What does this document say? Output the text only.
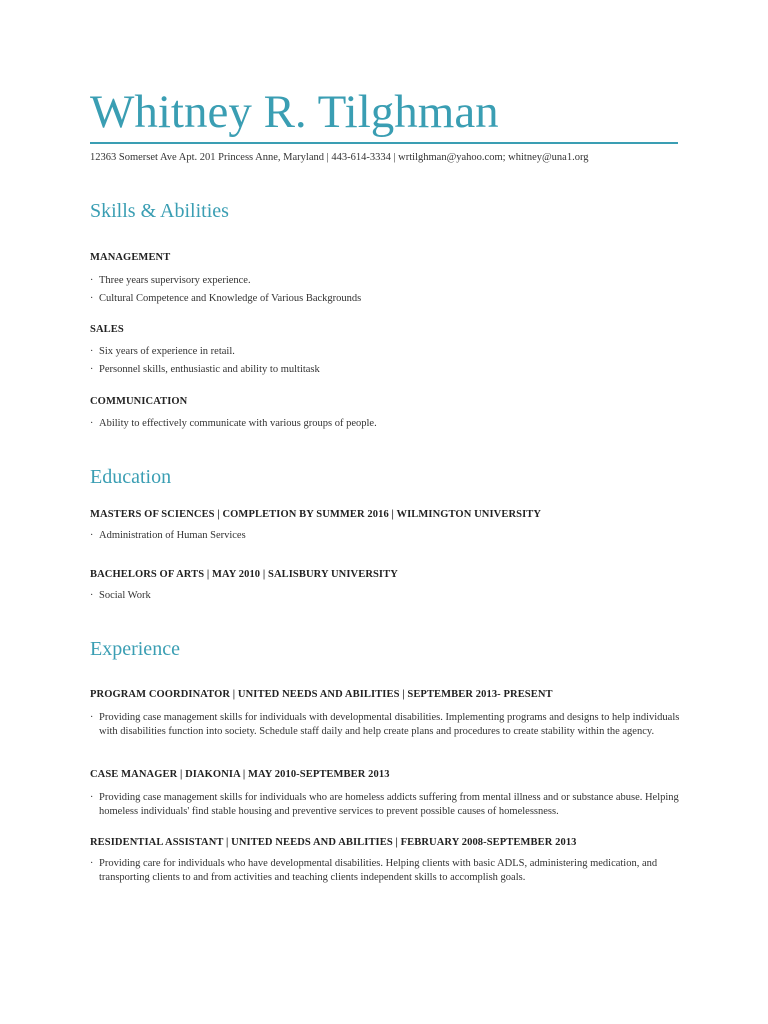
Whitney R. Tilghman
12363 Somerset Ave Apt. 201 Princess Anne, Maryland | 443-614-3334 | wrtilghman@yahoo.com; whitney@una1.org
Skills & Abilities
MANAGEMENT
· Three years supervisory experience.
· Cultural Competence and Knowledge of Various Backgrounds
SALES
· Six years of experience in retail.
· Personnel skills, enthusiastic and ability to multitask
COMMUNICATION
· Ability to effectively communicate with various groups of people.
Education
MASTERS OF SCIENCES | COMPLETION BY SUMMER 2016 | WILMINGTON UNIVERSITY
· Administration of Human Services
BACHELORS OF ARTS | MAY 2010 | SALISBURY UNIVERSITY
· Social Work
Experience
PROGRAM COORDINATOR | UNITED NEEDS AND ABILITIES | SEPTEMBER 2013- PRESENT
· Providing case management skills for individuals with developmental disabilities. Implementing programs and designs to help individuals with disabilities function into society. Schedule staff daily and help create plans and procedures to create stability within the agency.
CASE MANAGER | DIAKONIA | MAY 2010-SEPTEMBER 2013
· Providing case management skills for individuals who are homeless addicts suffering from mental illness and or substance abuse. Helping homeless individuals' find stable housing and preventive services to prevent possible causes of homelessness.
RESIDENTIAL ASSISTANT | UNITED NEEDS AND ABILITIES | FEBRUARY 2008-SEPTEMBER 2013
· Providing care for individuals who have developmental disabilities. Helping clients with basic ADLS, administering medication, and transporting clients to and from activities and teaching clients independent skills to accomplish goals.
